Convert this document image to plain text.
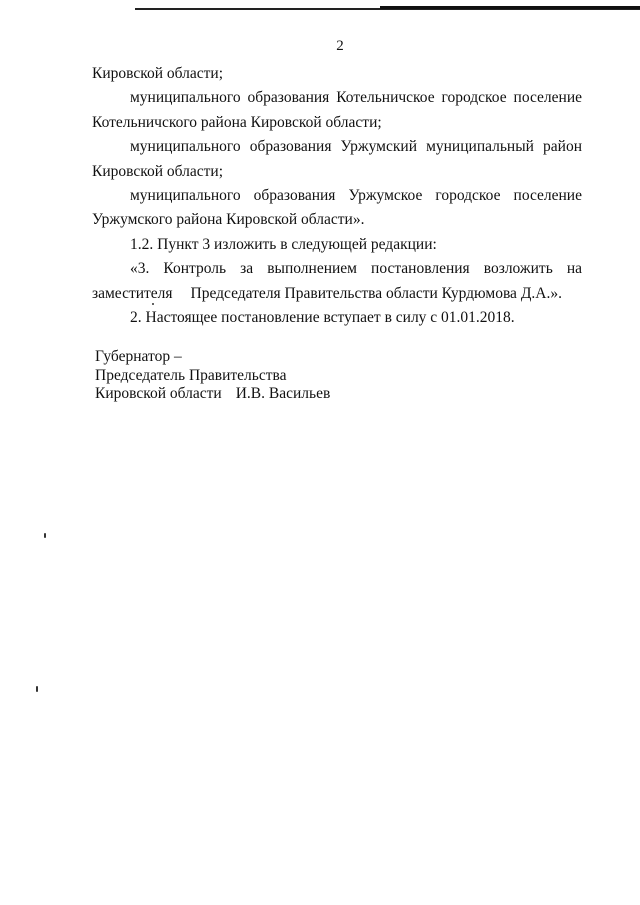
2

Кировской области;

муниципального образования Котельничское городское поселение Котельничского района Кировской области;

муниципального образования Уржумский муниципальный район Кировской области;

муниципального образования Уржумское городское поселение Уржумского района Кировской области».

1.2. Пункт 3 изложить в следующей редакции:

«3. Контроль за выполнением постановления возложить на

заместителя Председателя Правительства области Курдюмова Д.А.».

2. Настоящее постановление вступает в силу с 01.01.2018.

Губернатор –

Председатель Правительства

Кировской области И.В. Васильев
